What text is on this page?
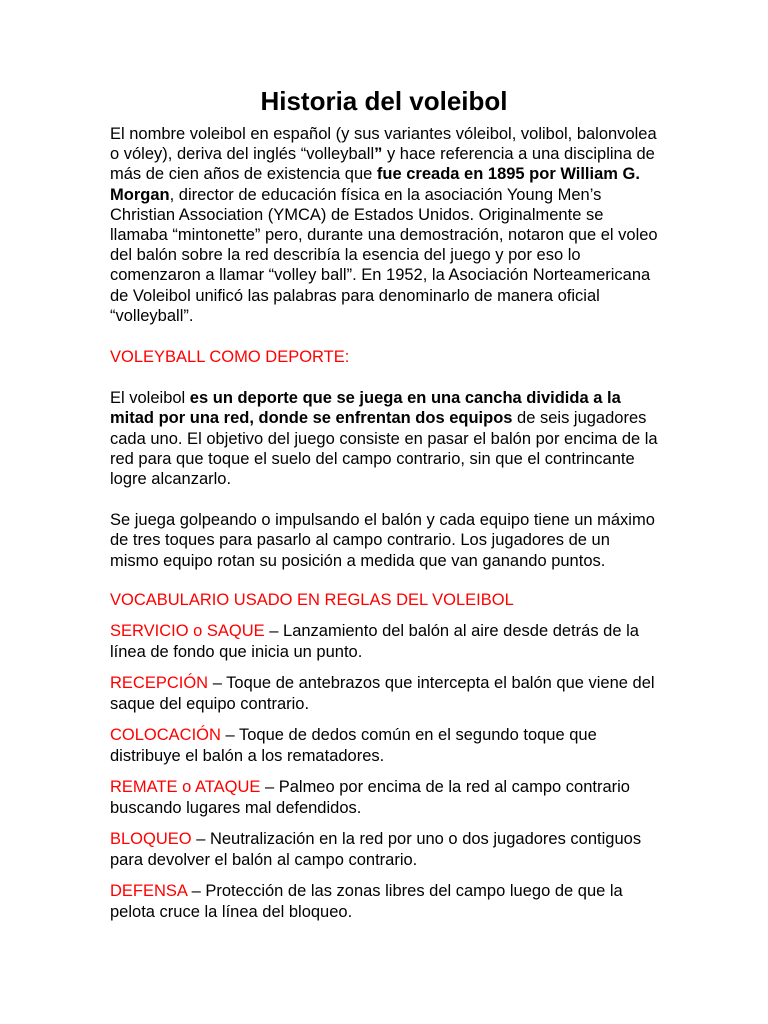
Historia del voleibol

El nombre voleibol en español (y sus variantes vóleibol, volibol, balonvolea o vóley), deriva del inglés “volleyball” y hace referencia a una disciplina de más de cien años de existencia que fue creada en 1895 por William G. Morgan, director de educación física en la asociación Young Men’s Christian Association (YMCA) de Estados Unidos. Originalmente se llamaba “mintonette” pero, durante una demostración, notaron que el voleo del balón sobre la red describía la esencia del juego y por eso lo comenzaron a llamar “volley ball”. En 1952, la Asociación Norteamericana de Voleibol unificó las palabras para denominarlo de manera oficial “volleyball”.

VOLEYBALL COMO DEPORTE:

El voleibol es un deporte que se juega en una cancha dividida a la mitad por una red, donde se enfrentan dos equipos de seis jugadores cada uno. El objetivo del juego consiste en pasar el balón por encima de la red para que toque el suelo del campo contrario, sin que el contrincante logre alcanzarlo.

Se juega golpeando o impulsando el balón y cada equipo tiene un máximo de tres toques para pasarlo al campo contrario. Los jugadores de un mismo equipo rotan su posición a medida que van ganando puntos.

VOCABULARIO USADO EN REGLAS DEL VOLEIBOL

SERVICIO o SAQUE – Lanzamiento del balón al aire desde detrás de la línea de fondo que inicia un punto.

RECEPCIÓN – Toque de antebrazos que intercepta el balón que viene del saque del equipo contrario.

COLOCACIÓN – Toque de dedos común en el segundo toque que distribuye el balón a los rematadores.

REMATE o ATAQUE – Palmeo por encima de la red al campo contrario buscando lugares mal defendidos.

BLOQUEO – Neutralización en la red por uno o dos jugadores contiguos para devolver el balón al campo contrario.

DEFENSA – Protección de las zonas libres del campo luego de que la pelota cruce la línea del bloqueo.
